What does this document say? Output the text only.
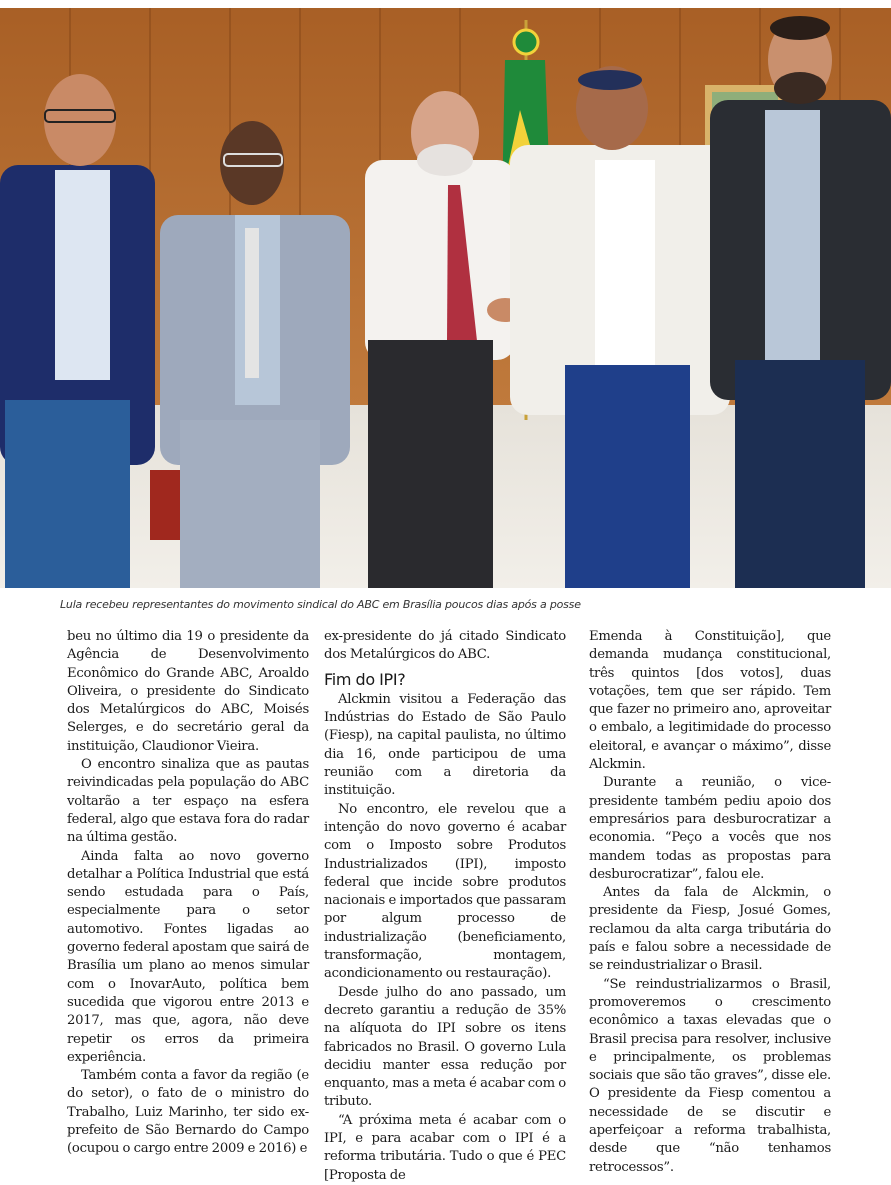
Lula recebeu representantes do movimento sindical do ABC em Brasília poucos dias após a posse

beu no último dia 19 o presidente da Agência de Desenvolvimento Econômico do Grande ABC, Aroaldo Oliveira, o presidente do Sindicato dos Metalúrgicos do ABC, Moisés Selerges, e do secretário geral da instituição, Claudionor Vieira.

O encontro sinaliza que as pautas reivindicadas pela população do ABC voltarão a ter espaço na esfera federal, algo que estava fora do radar na última gestão.

Ainda falta ao novo governo detalhar a Política Industrial que está sendo estudada para o País, especialmente para o setor automotivo. Fontes ligadas ao governo federal apostam que sairá de Brasília um plano ao menos simular com o InovarAuto, política bem sucedida que vigorou entre 2013 e 2017, mas que, agora, não deve repetir os erros da primeira experiência.

Também conta a favor da região (e do setor), o fato de o ministro do Trabalho, Luiz Marinho, ter sido ex-prefeito de São Bernardo do Campo (ocupou o cargo entre 2009 e 2016) e

ex-presidente do já citado Sindicato dos Metalúrgicos do ABC.

Fim do IPI?

Alckmin visitou a Federação das Indústrias do Estado de São Paulo (Fiesp), na capital paulista, no último dia 16, onde participou de uma reunião com a diretoria da instituição.

No encontro, ele revelou que a intenção do novo governo é acabar com o Imposto sobre Produtos Industrializados (IPI), imposto federal que incide sobre produtos nacionais e importados que passaram por algum processo de industrialização (beneficiamento, transformação, montagem, acondicionamento ou restauração).

Desde julho do ano passado, um decreto garantiu a redução de 35% na alíquota do IPI sobre os itens fabricados no Brasil. O governo Lula decidiu manter essa redução por enquanto, mas a meta é acabar com o tributo.

“A próxima meta é acabar com o IPI, e para acabar com o IPI é a reforma tributária. Tudo o que é PEC [Proposta de

Emenda à Constituição], que demanda mudança constitucional, três quintos [dos votos], duas votações, tem que ser rápido. Tem que fazer no primeiro ano, aproveitar o embalo, a legitimidade do processo eleitoral, e avançar o máximo”, disse Alckmin.

Durante a reunião, o vice-presidente também pediu apoio dos empresários para desburocratizar a economia. “Peço a vocês que nos mandem todas as propostas para desburocratizar”, falou ele.

Antes da fala de Alckmin, o presidente da Fiesp, Josué Gomes, reclamou da alta carga tributária do país e falou sobre a necessidade de se reindustrializar o Brasil.

“Se reindustrializarmos o Brasil, promoveremos o crescimento econômico a taxas elevadas que o Brasil precisa para resolver, inclusive e principalmente, os problemas sociais que são tão graves”, disse ele. O presidente da Fiesp comentou a necessidade de se discutir e aperfeiçoar a reforma trabalhista, desde que “não tenhamos retrocessos”.
